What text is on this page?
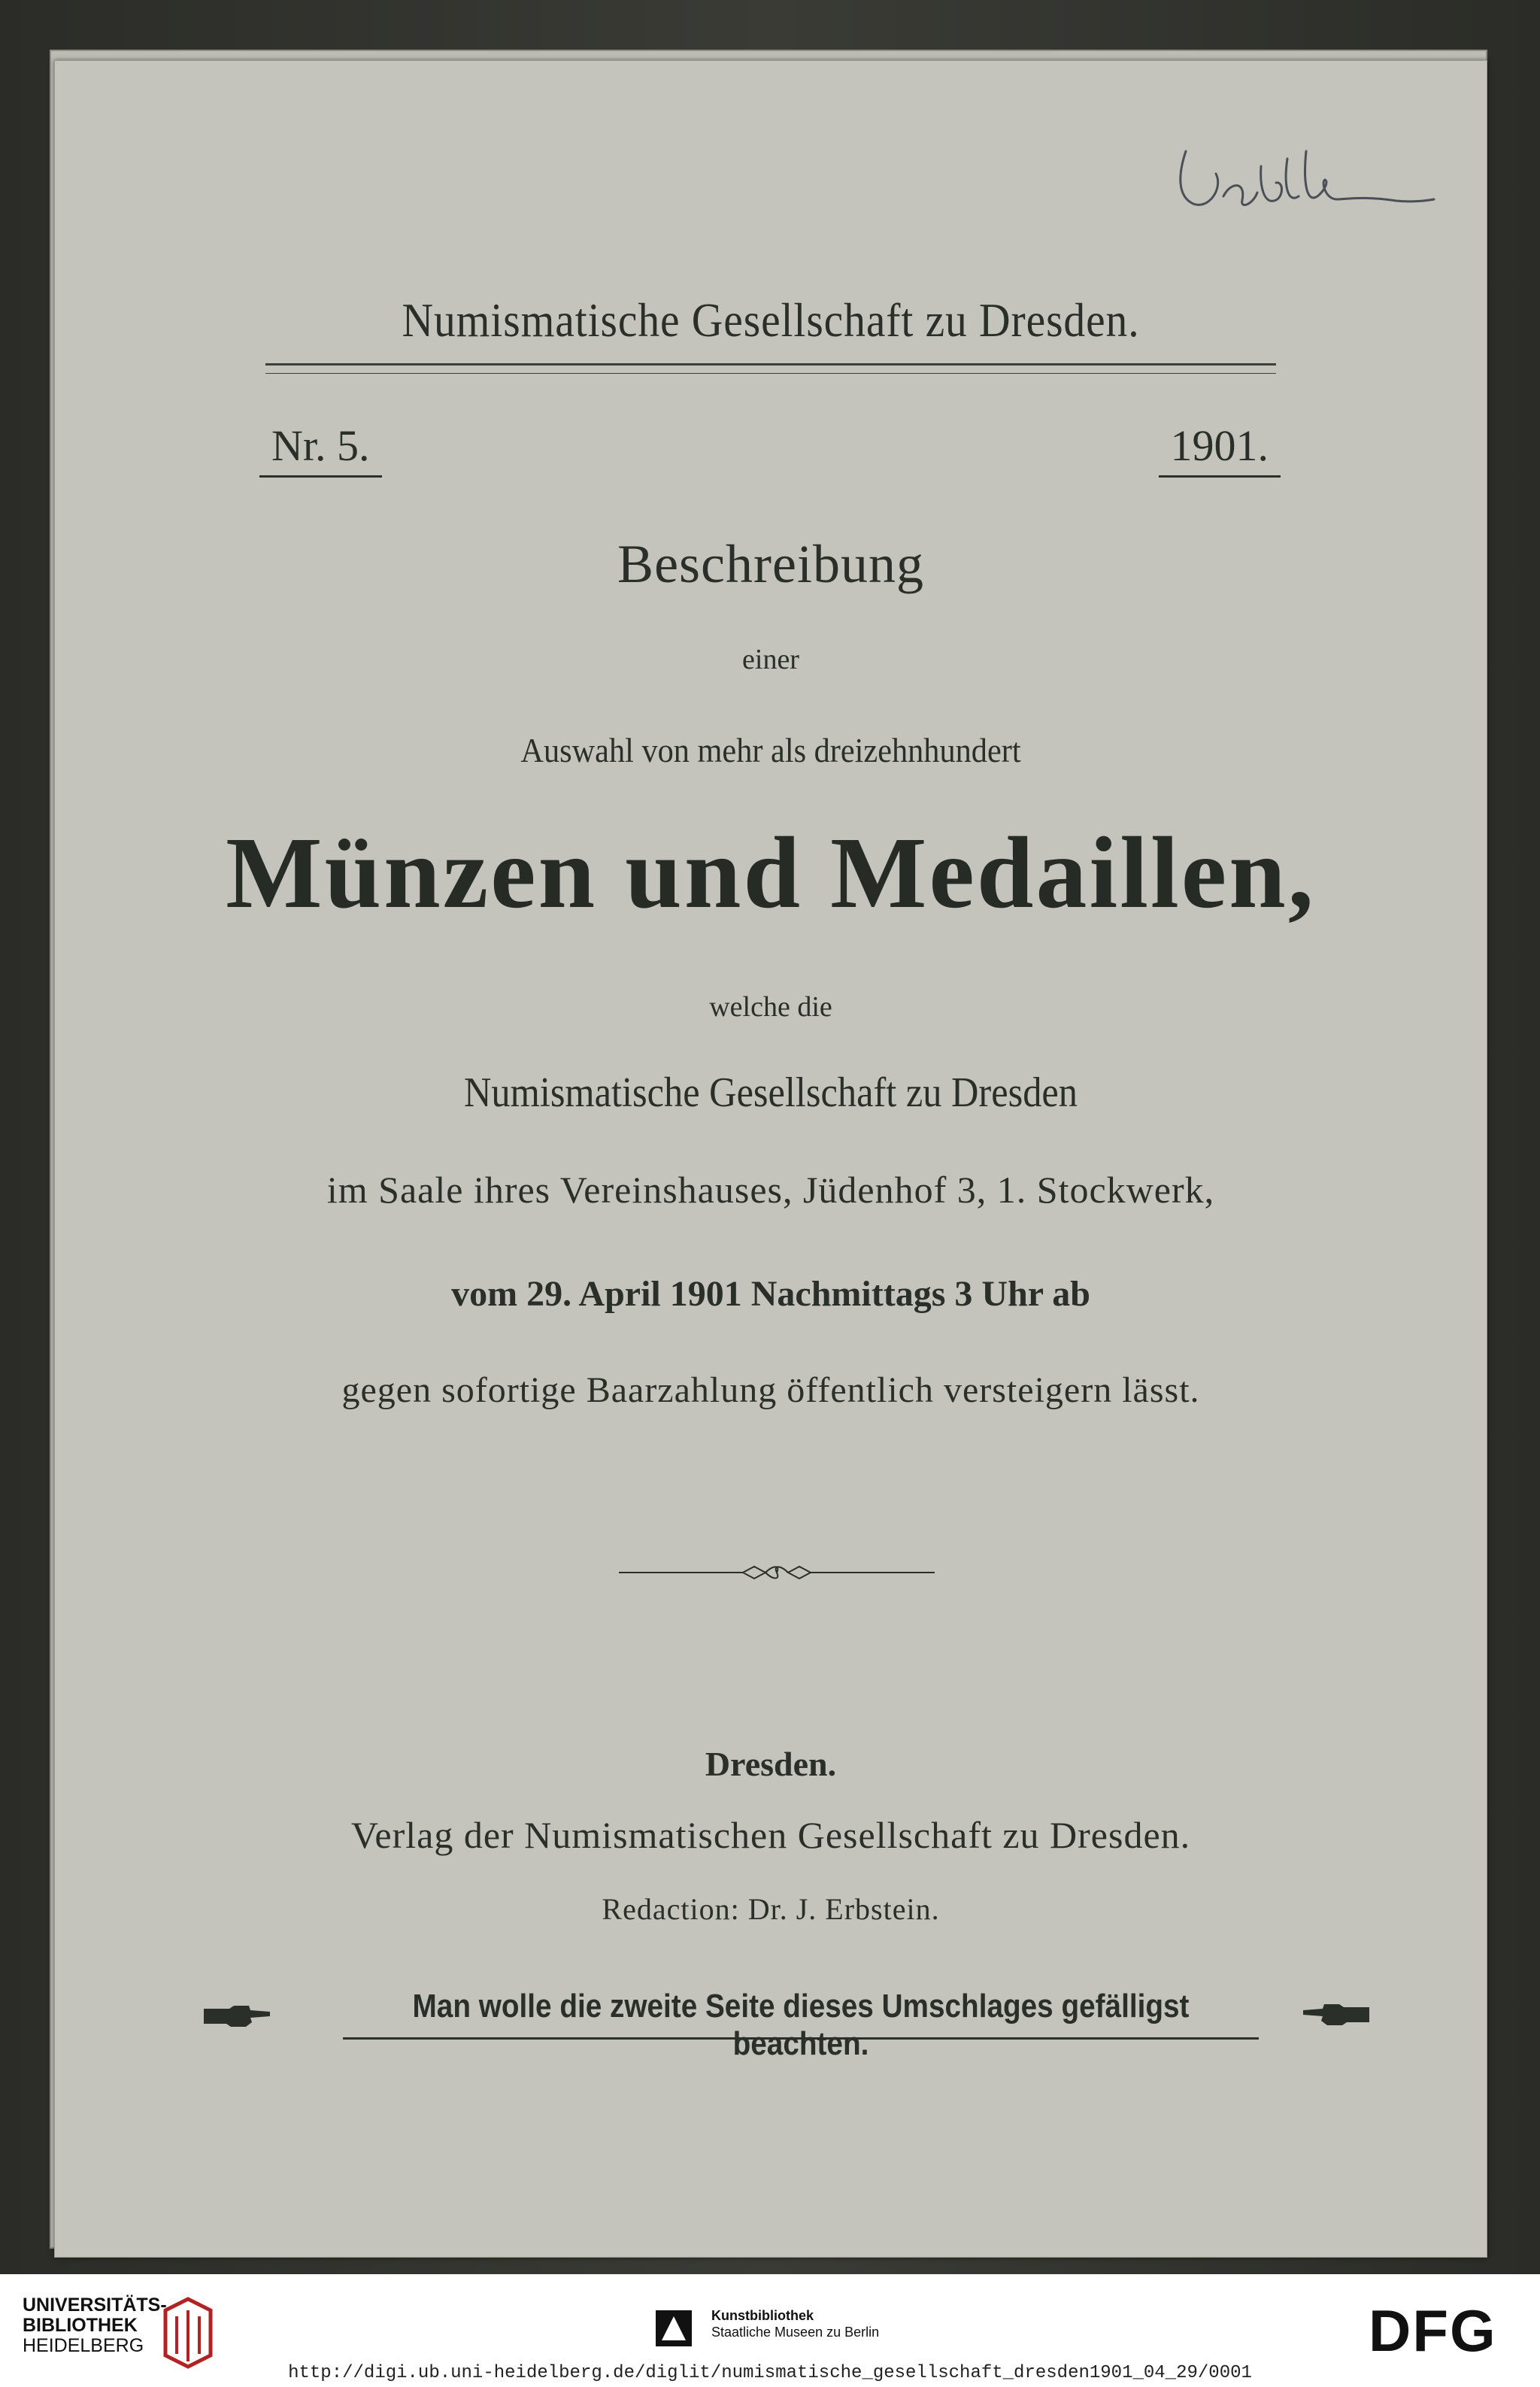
Numismatische Gesellschaft zu Dresden.
Nr. 5.	1901.
Beschreibung
einer
Auswahl von mehr als dreizehnhundert
Münzen und Medaillen,
welche die
Numismatische Gesellschaft zu Dresden
im Saale ihres Vereinshauses, Jüdenhof 3, 1. Stockwerk,
vom 29. April 1901 Nachmittags 3 Uhr ab
gegen sofortige Baarzahlung öffentlich versteigern lässt.
Dresden.
Verlag der Numismatischen Gesellschaft zu Dresden.
Redaction: Dr. J. Erbstein.
Man wolle die zweite Seite dieses Umschlages gefälligst beachten.
UNIVERSITÄTS-
BIBLIOTHEK
HEIDELBERG
Kunstbibliothek
Staatliche Museen zu Berlin	DFG
http://digi.ub.uni-heidelberg.de/diglit/numismatische_gesellschaft_dresden1901_04_29/0001
